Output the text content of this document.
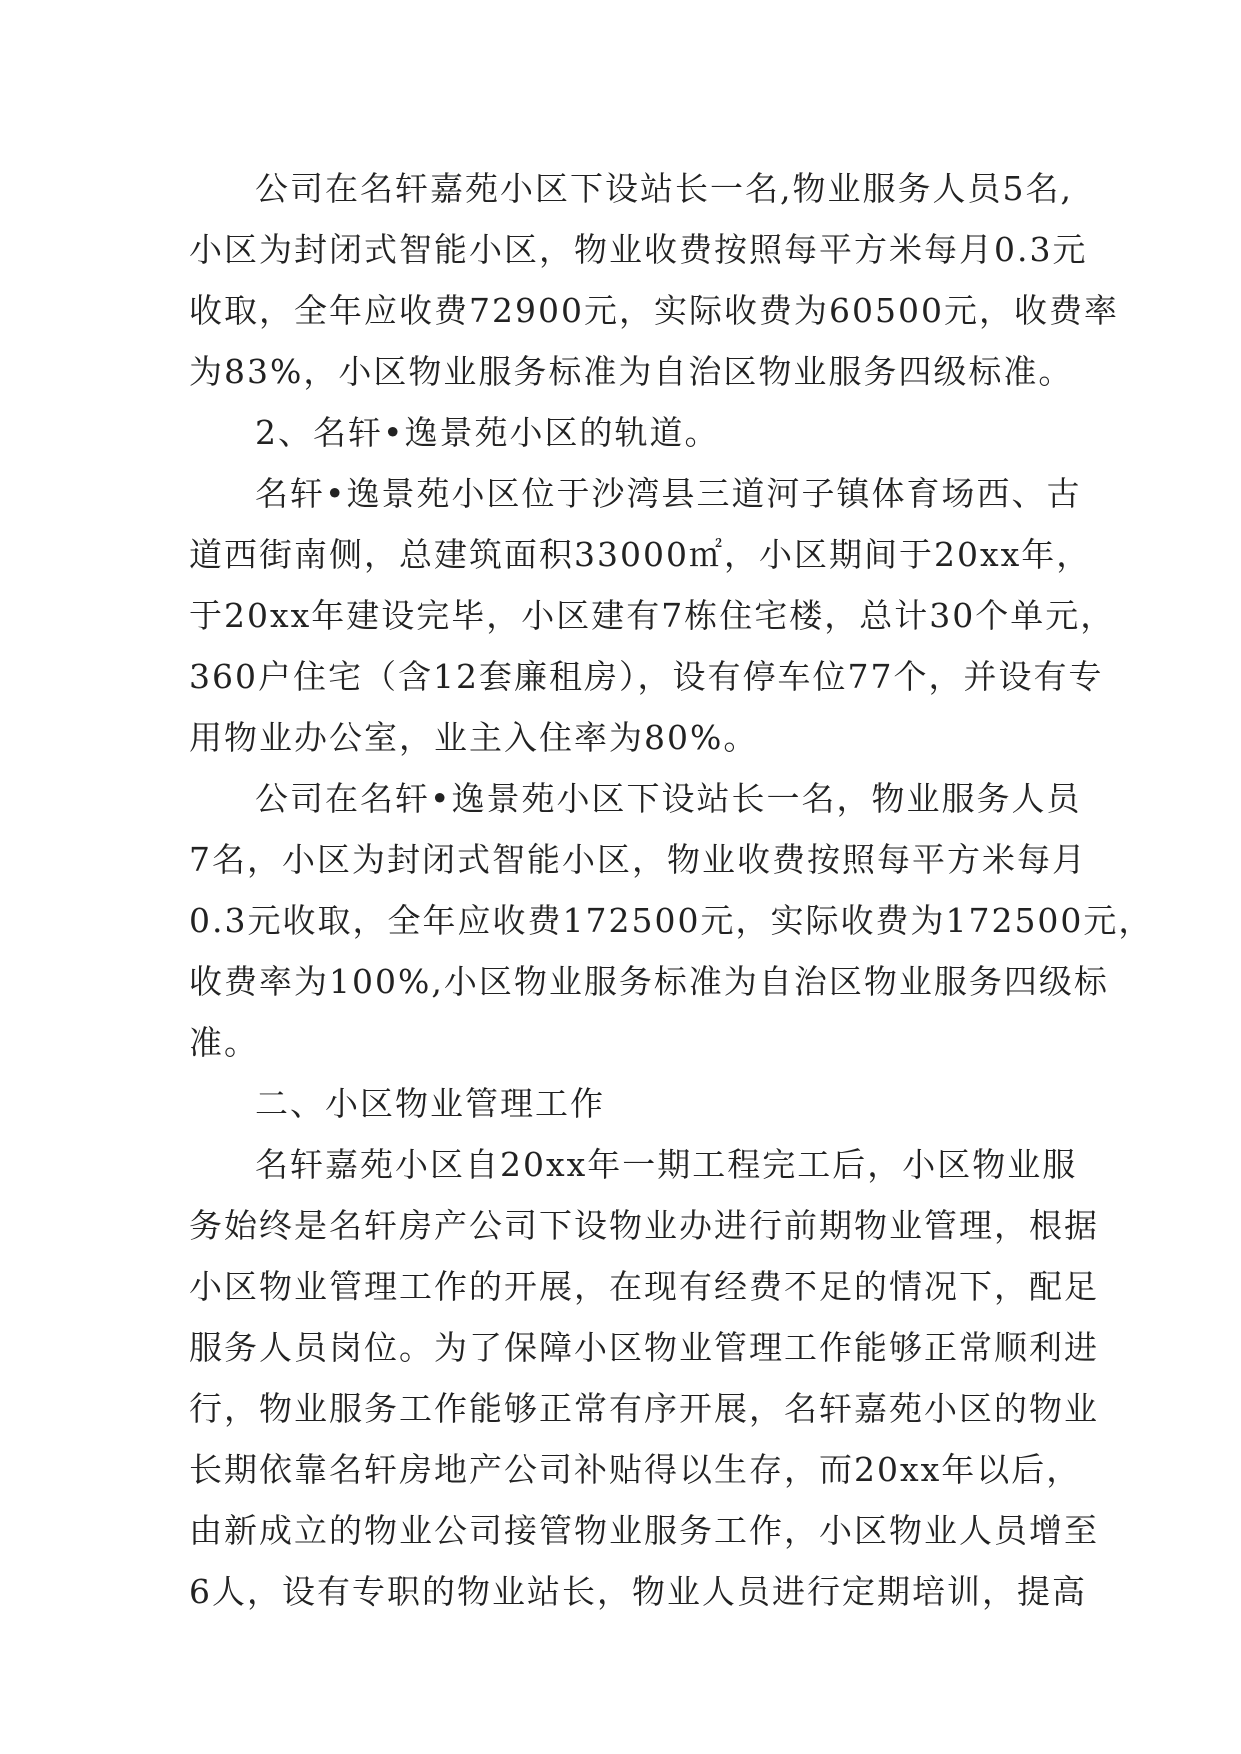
公司在名轩嘉苑小区下设站长一名,物业服务人员5名,
小区为封闭式智能小区，物业收费按照每平方米每月0.3元
收取，全年应收费72900元，实际收费为60500元，收费率
为83%，小区物业服务标准为自治区物业服务四级标准。
2、名轩•逸景苑小区的轨道。
名轩•逸景苑小区位于沙湾县三道河子镇体育场西、古
道西街南侧，总建筑面积33000㎡，小区期间于20xx年，
于20xx年建设完毕，小区建有7栋住宅楼，总计30个单元，
360户住宅（含12套廉租房），设有停车位77个，并设有专
用物业办公室，业主入住率为80%。
公司在名轩•逸景苑小区下设站长一名，物业服务人员
7名，小区为封闭式智能小区，物业收费按照每平方米每月
0.3元收取，全年应收费172500元，实际收费为172500元，
收费率为100%,小区物业服务标准为自治区物业服务四级标
准。
二、小区物业管理工作
名轩嘉苑小区自20xx年一期工程完工后，小区物业服
务始终是名轩房产公司下设物业办进行前期物业管理，根据
小区物业管理工作的开展，在现有经费不足的情况下，配足
服务人员岗位。为了保障小区物业管理工作能够正常顺利进
行，物业服务工作能够正常有序开展，名轩嘉苑小区的物业
长期依靠名轩房地产公司补贴得以生存，而20xx年以后，
由新成立的物业公司接管物业服务工作，小区物业人员增至
6人，设有专职的物业站长，物业人员进行定期培训，提高
